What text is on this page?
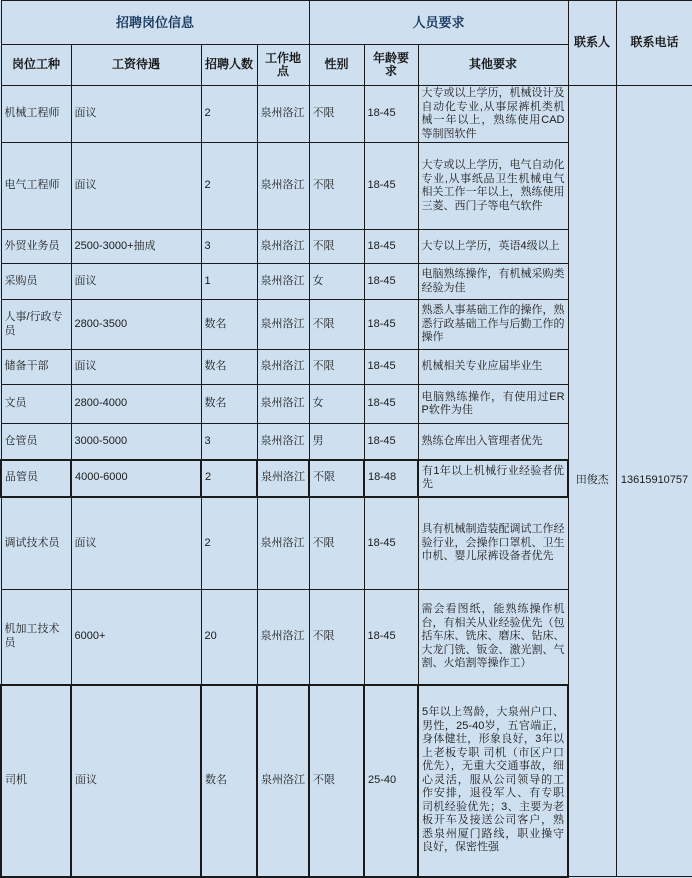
招聘岗位信息				人员要求			联系人	联系电话
岗位工种	工资待遇	招聘人数	工作地点	性别	年龄要求	其他要求		
机械工程师	面议	2	泉州洛江	不限	18-45	大专或以上学历，机械设计及自动化专业,从事尿裤机类机械一年以上，熟练使用CAD等制图软件	田俊杰	13615910757
电气工程师	面议	2	泉州洛江	不限	18-45	大专或以上学历，电气自动化专业,从事纸品卫生机械电气相关工作一年以上，熟练使用三菱、西门子等电气软件		
外贸业务员	2500-3000+抽成	3	泉州洛江	不限	18-45	大专以上学历，英语4级以上		
采购员	面议	1	泉州洛江	女	18-45	电脑熟练操作，有机械采购类经验为佳		
人事/行政专员	2800-3500	数名	泉州洛江	不限	18-45	熟悉人事基础工作的操作，熟悉行政基础工作与后勤工作的操作		
储备干部	面议	数名	泉州洛江	不限	18-45	机械相关专业应届毕业生		
文员	2800-4000	数名	泉州洛江	女	18-45	电脑熟练操作，有使用过ERP软件为佳		
仓管员	3000-5000	3	泉州洛江	男	18-45	熟练仓库出入管理者优先		
品管员	4000-6000	2	泉州洛江	不限	18-48	有1年以上机械行业经验者优先		
调试技术员	面议	2	泉州洛江	不限	18-45	具有机械制造装配调试工作经验行业，会操作口罩机、卫生巾机、婴儿尿裤设备者优先		
机加工技术员	6000+	20	泉州洛江	不限	18-45	需会看图纸，能熟练操作机台，有相关从业经验优先（包括车床、铣床、磨床、钻床、大龙门铣、钣金、激光割、气割、火焰割等操作工）		
司机	面议	数名	泉州洛江	不限	25-40	5年以上驾龄，大泉州户口、男性，25-40岁，五官端正，身体健壮，形象良好，3年以上老板专职 司机（市区户口优先），无重大交通事故，细心灵活，服从公司领导的工作安排，退役军人、有专职司机经验优先；3、主要为老板开车及接送公司客户，熟悉泉州厦门路线，职业操守良好，保密性强		
